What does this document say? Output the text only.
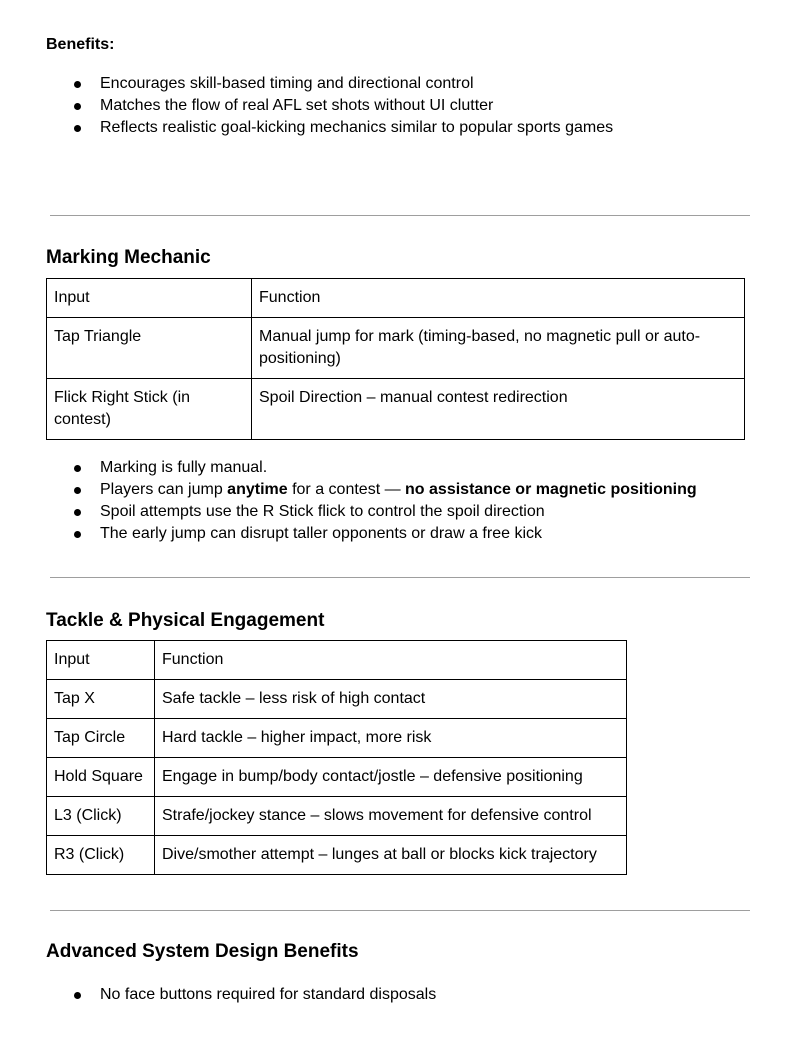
Benefits:
Encourages skill-based timing and directional control
Matches the flow of real AFL set shots without UI clutter
Reflects realistic goal-kicking mechanics similar to popular sports games
Marking Mechanic
Input	Function
Tap Triangle	Manual jump for mark (timing-based, no magnetic pull or auto-positioning)
Flick Right Stick (in contest)	Spoil Direction – manual contest redirection
Marking is fully manual.
Players can jump anytime for a contest — no assistance or magnetic positioning
Spoil attempts use the R Stick flick to control the spoil direction
The early jump can disrupt taller opponents or draw a free kick
Tackle & Physical Engagement
Input	Function
Tap X	Safe tackle – less risk of high contact
Tap Circle	Hard tackle – higher impact, more risk
Hold Square	Engage in bump/body contact/jostle – defensive positioning
L3 (Click)	Strafe/jockey stance – slows movement for defensive control
R3 (Click)	Dive/smother attempt – lunges at ball or blocks kick trajectory
Advanced System Design Benefits
No face buttons required for standard disposals
